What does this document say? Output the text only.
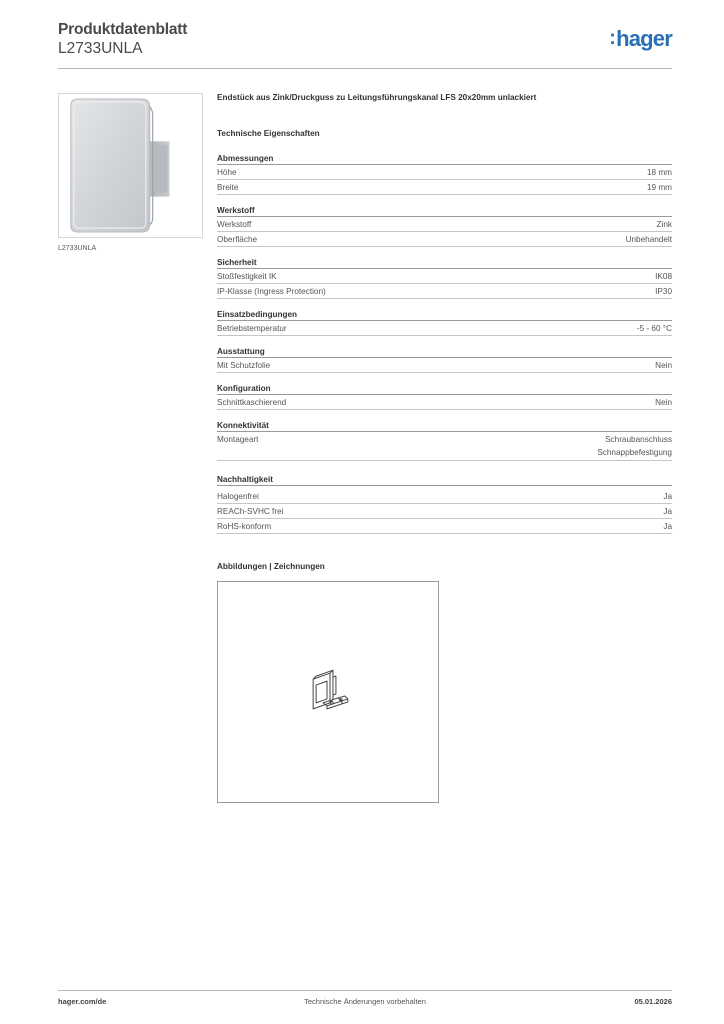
Produktdatenblatt
L2733UNLA	:hager
L2733UNLA
Endstück aus Zink/Druckguss zu Leitungsführungskanal LFS 20x20mm unlackiert
Technische Eigenschaften
Abmessungen
Höhe	18 mm
Breite	19 mm
Werkstoff
Werkstoff	Zink
Oberfläche	Unbehandelt
Sicherheit
Stoßfestigkeit IK	IK08
IP-Klasse (Ingress Protection)	IP30
Einsatzbedingungen
Betriebstemperatur	-5 - 60 °C
Ausstattung
Mit Schutzfolie	Nein
Konfiguration
Schnittkaschierend	Nein
Konnektivität
Montageart	Schraubanschluss
Schnappbefestigung
Nachhaltigkeit
Halogenfrei	Ja
REACh-SVHC frei	Ja
RoHS-konform	Ja
Abbildungen | Zeichnungen
hager.com/de	Technische Änderungen vorbehalten	05.01.2026
